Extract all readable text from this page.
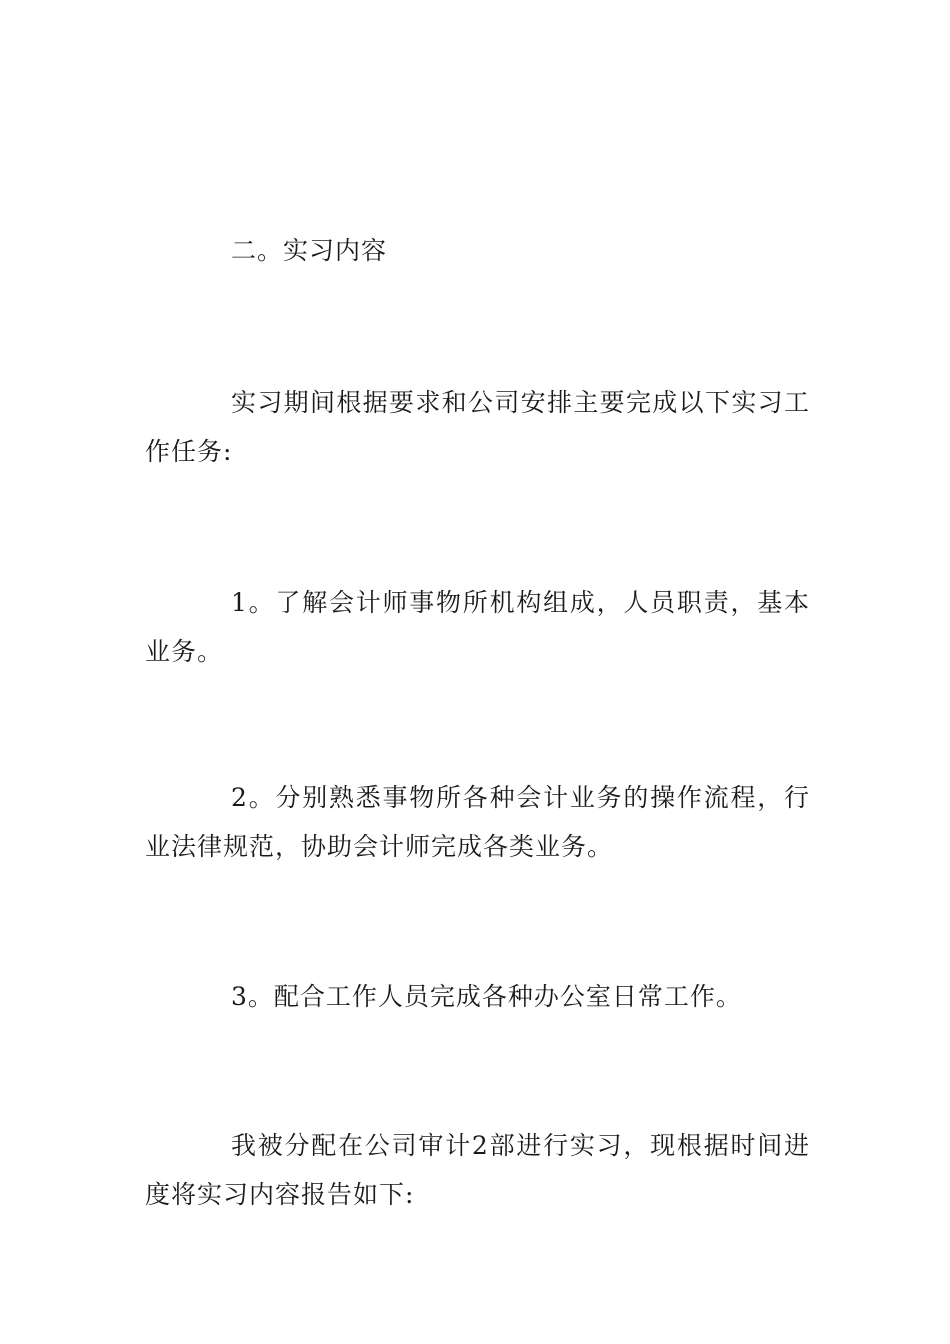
二。实习内容

实习期间根据要求和公司安排主要完成以下实习工作任务:

1。了解会计师事物所机构组成，人员职责，基本业务。

2。分别熟悉事物所各种会计业务的操作流程，行业法律规范，协助会计师完成各类业务。

3。配合工作人员完成各种办公室日常工作。

我被分配在公司审计2部进行实习，现根据时间进度将实习内容报告如下:
